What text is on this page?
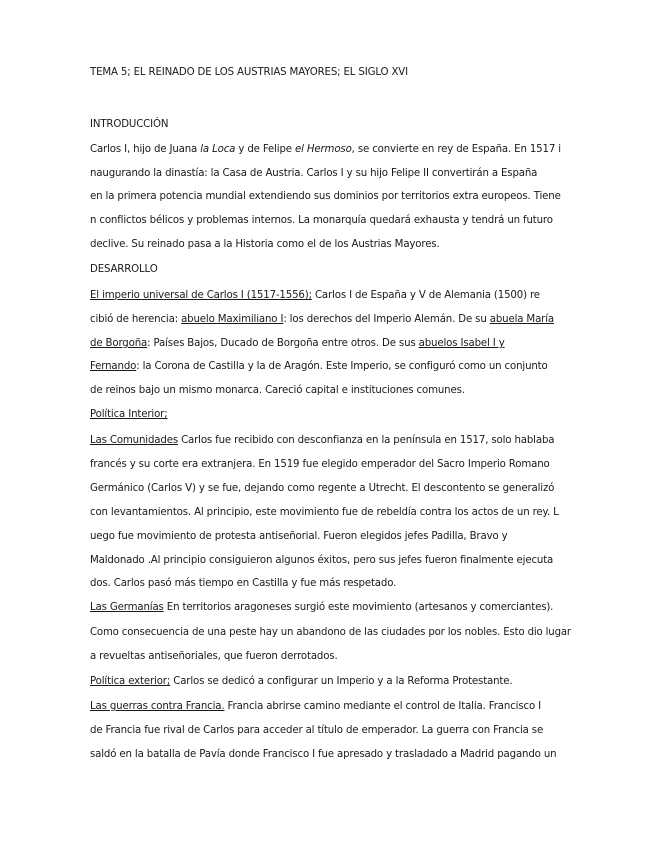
TEMA 5; EL REINADO DE LOS AUSTRIAS MAYORES; EL SIGLO XVI
INTRODUCCIÓN
Carlos I, hijo de Juana la Loca y de Felipe el Hermoso, se convierte en rey de España. En 1517 i
naugurando la dinastía: la Casa de Austria. Carlos I y su hijo Felipe II convertirán a España
en la primera potencia mundial extendiendo sus dominios por territorios extra europeos. Tiene
n conflictos bélicos y problemas internos. La monarquía quedará exhausta y tendrá un futuro
declive. Su reinado pasa a la Historia como el de los Austrias Mayores.
DESARROLLO
El imperio universal de Carlos I (1517-1556); Carlos I de España y V de Alemania (1500) re
cibió de herencia: abuelo Maximiliano I: los derechos del Imperio Alemán. De su abuela María
de Borgoña: Países Bajos, Ducado de Borgoña entre otros. De sus abuelos Isabel I y
Fernando: la Corona de Castilla y la de Aragón. Este Imperio, se configuró como un conjunto
de reinos bajo un mismo monarca. Careció capital e instituciones comunes.
Política Interior;
Las Comunidades Carlos fue recibido con desconfianza en la península en 1517, solo hablaba
francés y su corte era extranjera. En 1519 fue elegido emperador del Sacro Imperio Romano
Germánico (Carlos V) y se fue, dejando como regente a Utrecht. El descontento se generalizó
con levantamientos. Al principio, este movimiento fue de rebeldía contra los actos de un rey. L
uego fue movimiento de protesta antiseñorial. Fueron elegidos jefes Padilla, Bravo y
Maldonado .Al principio consiguieron algunos éxitos, pero sus jefes fueron finalmente ejecuta
dos. Carlos pasó más tiempo en Castilla y fue más respetado.
Las Germanías En territorios aragoneses surgió este movimiento (artesanos y comerciantes).
Como consecuencia de una peste hay un abandono de las ciudades por los nobles. Esto dio lugar
a revueltas antiseñoriales, que fueron derrotados.
Política exterior; Carlos se dedicó a configurar un Imperio y a la Reforma Protestante.
Las guerras contra Francia. Francia abrirse camino mediante el control de Italia. Francisco I
de Francia fue rival de Carlos para acceder al título de emperador. La guerra con Francia se
saldó en la batalla de Pavía donde Francisco I fue apresado y trasladado a Madrid pagando un
